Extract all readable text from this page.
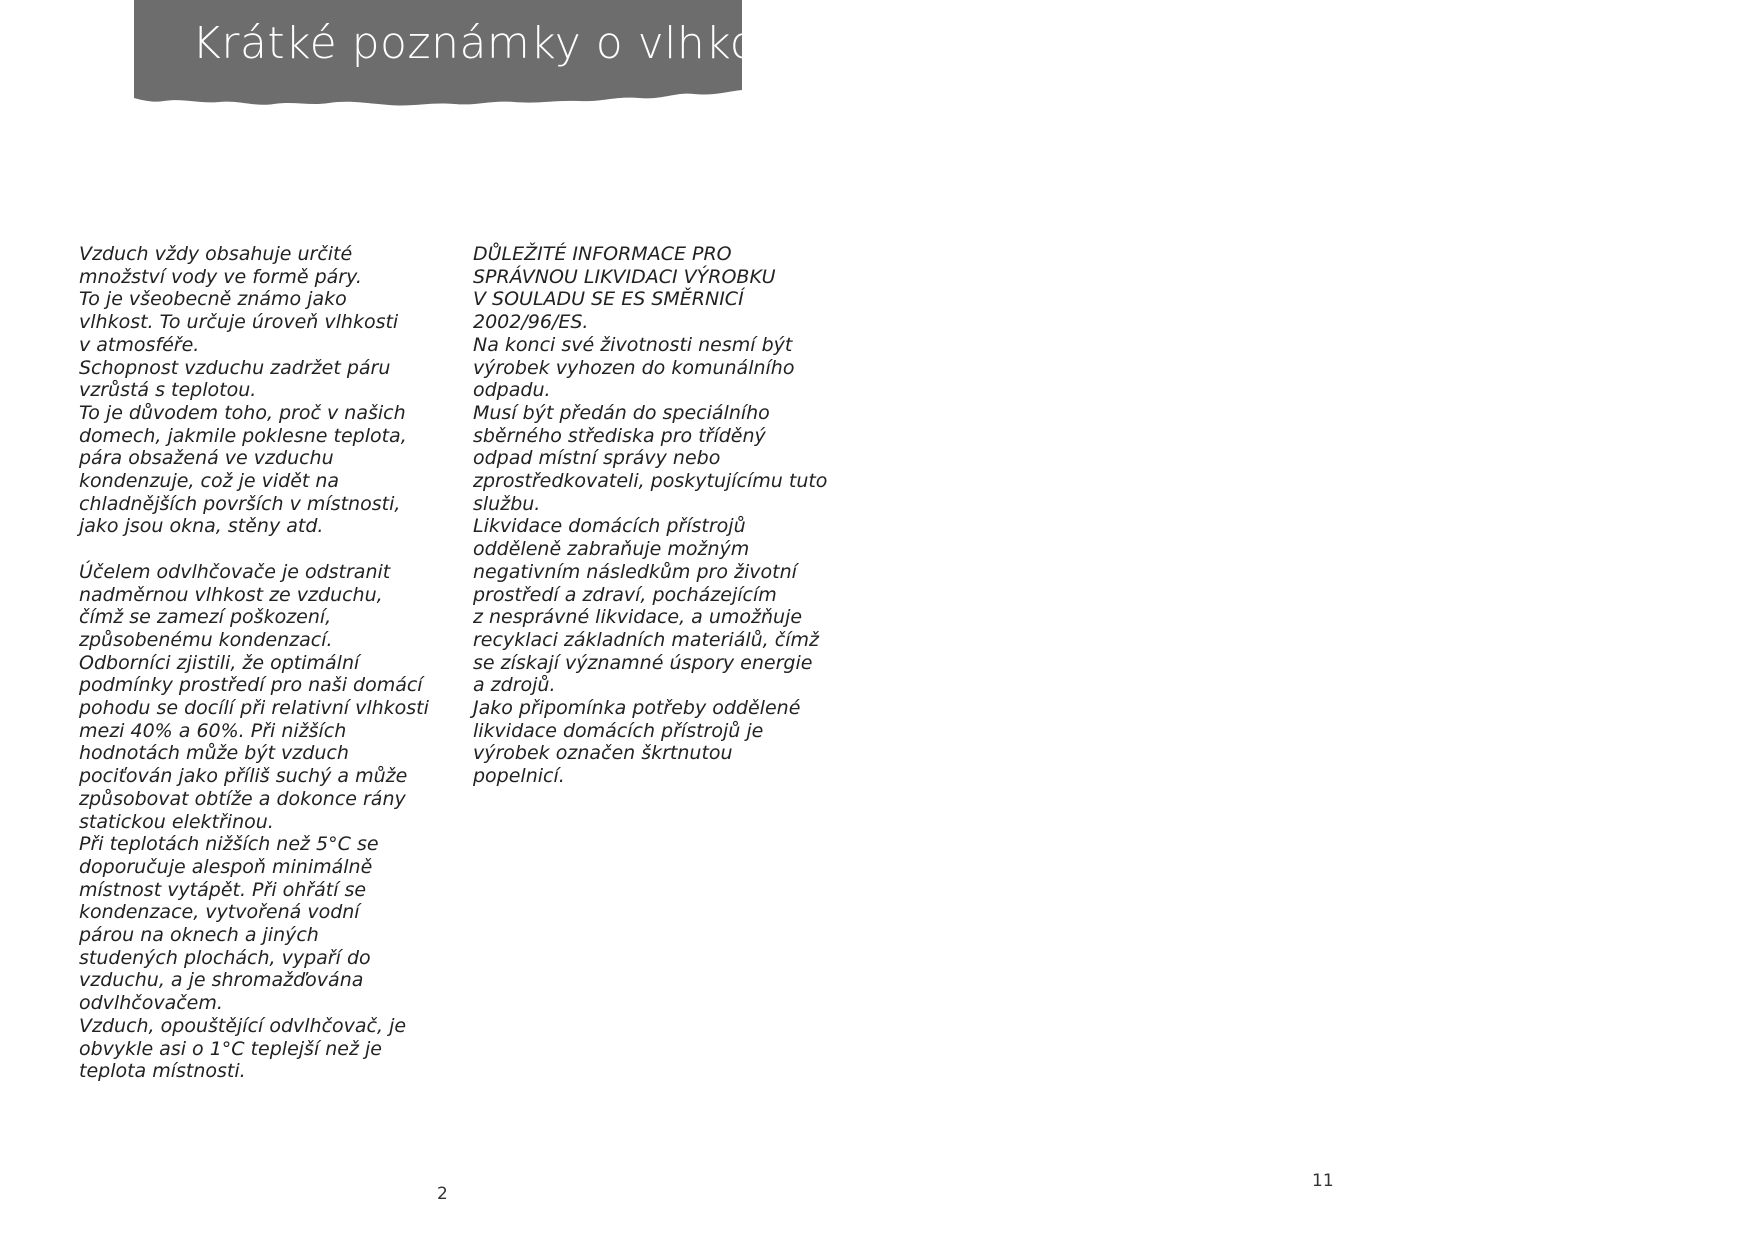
Krátké poznámky o vlhkosti

Vzduch vždy obsahuje určité

množství vody ve formě páry.

To je všeobecně známo jako

vlhkost. To určuje úroveň vlhkosti

v atmosféře.

Schopnost vzduchu zadržet páru

vzrůstá s teplotou.

To je důvodem toho, proč v našich

domech, jakmile poklesne teplota,

pára obsažená ve vzduchu

kondenzuje, což je vidět na

chladnějších površích v místnosti,

jako jsou okna, stěny atd.

Účelem odvlhčovače je odstranit

nadměrnou vlhkost ze vzduchu,

čímž se zamezí poškození,

způsobenému kondenzací.

Odborníci zjistili, že optimální

podmínky prostředí pro naši domácí

pohodu se docílí při relativní vlhkosti

mezi 40% a 60%. Při nižších

hodnotách může být vzduch

pociťován jako příliš suchý a může

způsobovat obtíže a dokonce rány

statickou elektřinou.

Při teplotách nižších než 5°C se

doporučuje alespoň minimálně

místnost vytápět. Při ohřátí se

kondenzace, vytvořená vodní

párou na oknech a jiných

studených plochách, vypaří do

vzduchu, a je shromažďována

odvlhčovačem.

Vzduch, opouštějící odvlhčovač, je

obvykle asi o 1°C teplejší než je

teplota místnosti.

DŮLEŽITÉ INFORMACE PRO

SPRÁVNOU LIKVIDACI VÝROBKU

V SOULADU SE ES SMĚRNICÍ

2002/96/ES.

Na konci své životnosti nesmí být

výrobek vyhozen do komunálního

odpadu.

Musí být předán do speciálního

sběrného střediska pro tříděný

odpad místní správy nebo

zprostředkovateli, poskytujícímu tuto

službu.

Likvidace domácích přístrojů

odděleně zabraňuje možným

negativním následkům pro životní

prostředí a zdraví, pocházejícím

z nesprávné likvidace, a umožňuje

recyklaci základních materiálů, čímž

se získají významné úspory energie

a zdrojů.

Jako připomínka potřeby oddělené

likvidace domácích přístrojů je

výrobek označen škrtnutou

popelnicí.

2
11
